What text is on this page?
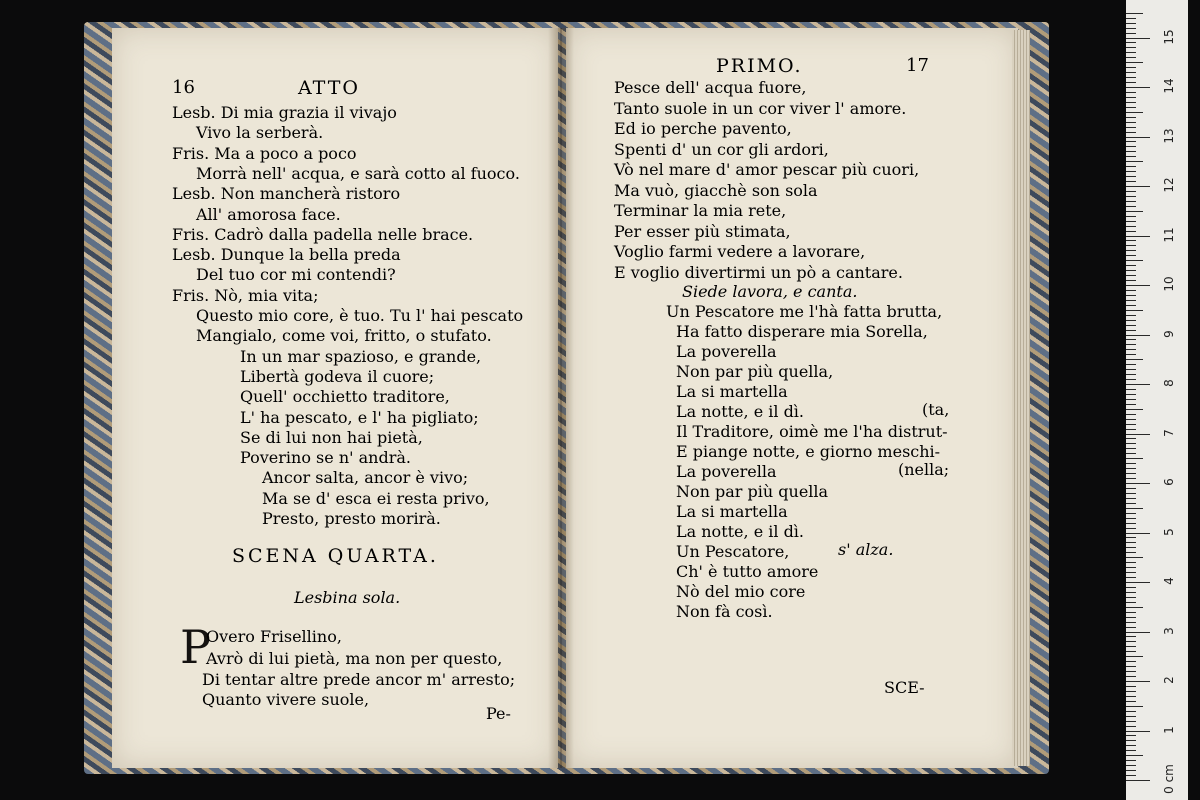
16	ATTO
SCENA QUARTA.
Lesbina sola.
P
Pe-
PRIMO.	17
Siede lavora, e canta.
(ta,
(nella;
s' alza.
SCE-
Lesb. Di mia grazia il vivajo
Vivo la serberà.
Fris. Ma a poco a poco
Morrà nell' acqua, e sarà cotto al fuoco.
Lesb. Non mancherà ristoro
All' amorosa face.
Fris. Cadrò dalla padella nelle brace.
Lesb. Dunque la bella preda
Del tuo cor mi contendi?
Fris. Nò, mia vita;
Questo mio core, è tuo. Tu l' hai pescato
Mangialo, come voi, fritto, o stufato.
In un mar spazioso, e grande,
Libertà godeva il cuore;
Quell' occhietto traditore,
L' ha pescato, e l' ha pigliato;
Se di lui non hai pietà,
Poverino se n' andrà.
Ancor salta, ancor è vivo;
Ma se d' esca ei resta privo,
Presto, presto morirà.
Overo Frisellino,
Avrò di lui pietà, ma non per questo,
Di tentar altre prede ancor m' arresto;
Quanto vivere suole,
Pesce dell' acqua fuore,
Tanto suole in un cor viver l' amore.
Ed io perche pavento,
Spenti d' un cor gli ardori,
Vò nel mare d' amor pescar più cuori,
Ma vuò, giacchè son sola
Terminar la mia rete,
Per esser più stimata,
Voglio farmi vedere a lavorare,
E voglio divertirmi un pò a cantare.
Un Pescatore me l'hà fatta brutta,
Ha fatto disperare mia Sorella,
La poverella
Non par più quella,
La si martella
La notte, e il dì.
Il Traditore, oimè me l'ha distrut-
E piange notte, e giorno meschi-
La poverella
Non par più quella
La si martella
La notte, e il dì.
Un Pescatore,
Ch' è tutto amore
Nò del mio core
Non fà così.
0 cm
1
2
3
4
5
6
7
8
9
10
11
12
13
14
15
